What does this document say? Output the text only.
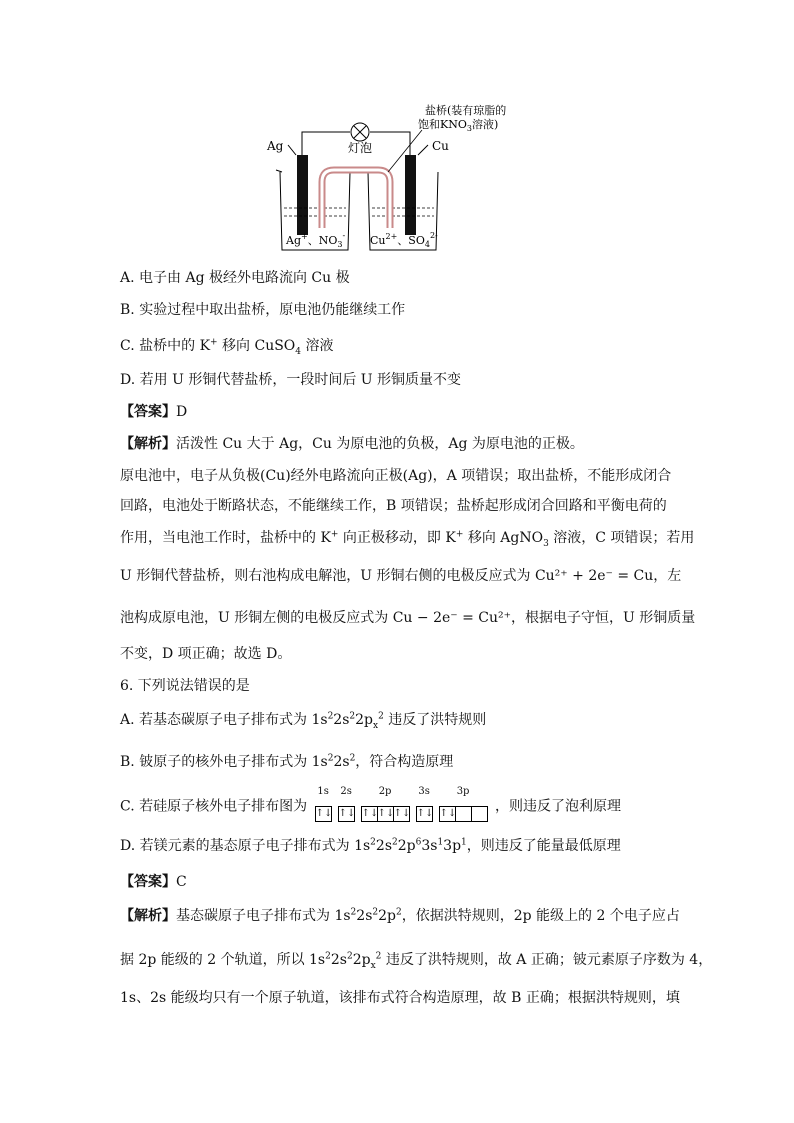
灯泡
Ag	Cu
盐桥(装有琼脂的
饱和$KNO_3$溶液)
Ag+、$NO_3^-$ $Cu^{2+}$、$SO_4^{2-}$
A. 电子由 Ag 极经外电路流向 Cu 极
B. 实验过程中取出盐桥，原电池仍能继续工作
C. 盐桥中的 K+ 移向 CuSO$_4$ 溶液
D. 若用 U 形铜代替盐桥，一段时间后 U 形铜质量不变
【答案】D
【解析】活泼性 Cu 大于 Ag，Cu 为原电池的负极，Ag 为原电池的正极。
原电池中，电子从负极(Cu)经外电路流向正极(Ag)，A 项错误；取出盐桥，不能形成闭合
回路，电池处于断路状态，不能继续工作，B 项错误；盐桥起形成闭合回路和平衡电荷的
作用，当电池工作时，盐桥中的 K+ 向正极移动，即 K+ 移向 AgNO$_3$ 溶液，C 项错误；若用
U 形铜代替盐桥，则右池构成电解池，U 形铜右侧的电极反应式为 Cu²⁺ + 2e⁻ = Cu，左
池构成原电池，U 形铜左侧的电极反应式为 Cu − 2e⁻ = Cu²⁺，根据电子守恒，U 形铜质量
不变，D 项正确；故选 D。
6. 下列说法错误的是
A. 若基态碳原子电子排布式为 $1s^22s^22p_x^2$ 违反了洪特规则
B. 铍原子的核外电子排布式为 $1s^22s^2$，符合构造原理
C. 若硅原子核外电子排布图为
1s
↑↓
2s
↑↓
2p
↑↓ ↑↓ ↑↓
3s
↑↓
3p
↑↓	，则违反了泡利原理
D. 若镁元素的基态原子电子排布式为 $1s^22s^22p^63s^13p^1$，则违反了能量最低原理
【答案】C
【解析】基态碳原子电子排布式为 $1s^22s^22p^2$，依据洪特规则，2p 能级上的 2 个电子应占
据 2p 能级的 2 个轨道，所以 $1s^22s^22p_x^2$ 违反了洪特规则，故 A 正确；铍元素原子序数为 4，
1s、2s 能级均只有一个原子轨道，该排布式符合构造原理，故 B 正确；根据洪特规则，填
